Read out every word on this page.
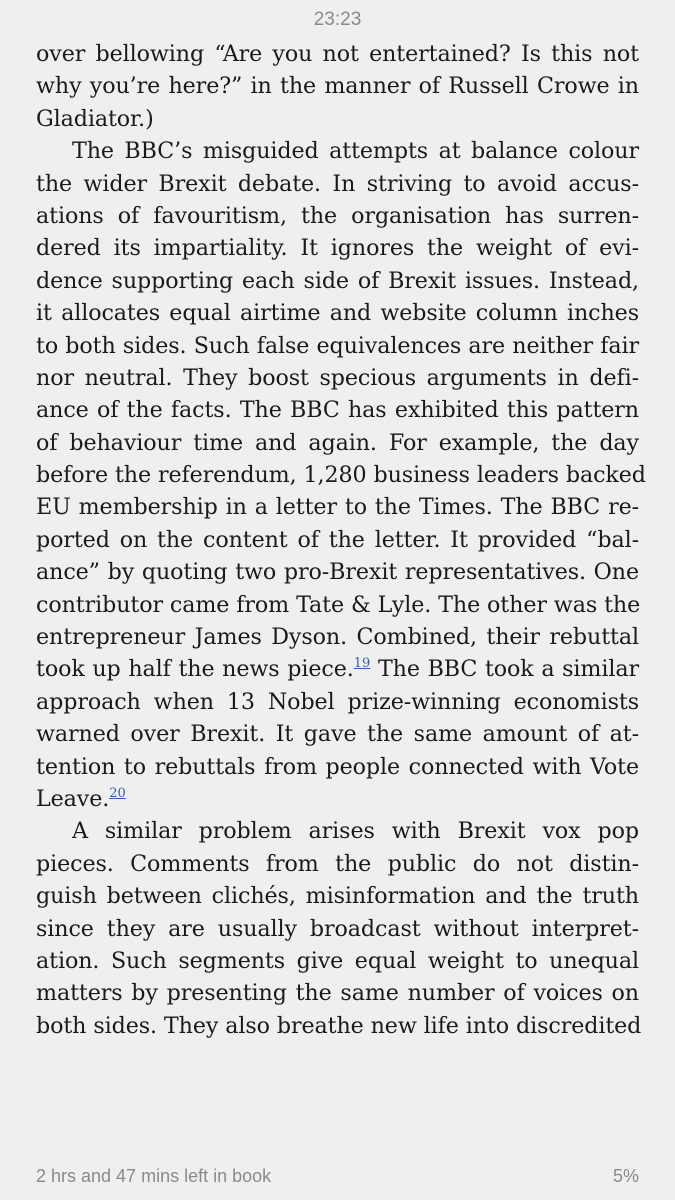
23:23
over bellowing “Are you not entertained? Is this not
why you’re here?” in the manner of Russell Crowe in
Gladiator.)
The BBC’s misguided attempts at balance colour
the wider Brexit debate. In striving to avoid accus-
ations of favouritism, the organisation has surren-
dered its impartiality. It ignores the weight of evi-
dence supporting each side of Brexit issues. Instead,
it allocates equal airtime and website column inches
to both sides. Such false equivalences are neither fair
nor neutral. They boost specious arguments in defi-
ance of the facts. The BBC has exhibited this pattern
of behaviour time and again. For example, the day
before the referendum, 1,280 business leaders backed
EU membership in a letter to the Times. The BBC re-
ported on the content of the letter. It provided “bal-
ance” by quoting two pro-Brexit representatives. One
contributor came from Tate & Lyle. The other was the
entrepreneur James Dyson. Combined, their rebuttal
took up half the news piece.$^{19}$ The BBC took a similar
approach when 13 Nobel prize-winning economists
warned over Brexit. It gave the same amount of at-
tention to rebuttals from people connected with Vote
Leave.$^{20}$
A similar problem arises with Brexit vox pop
pieces. Comments from the public do not distin-
guish between clichés, misinformation and the truth
since they are usually broadcast without interpret-
ation. Such segments give equal weight to unequal
matters by presenting the same number of voices on
both sides. They also breathe new life into discredited
2 hrs and 47 mins left in book	5%
